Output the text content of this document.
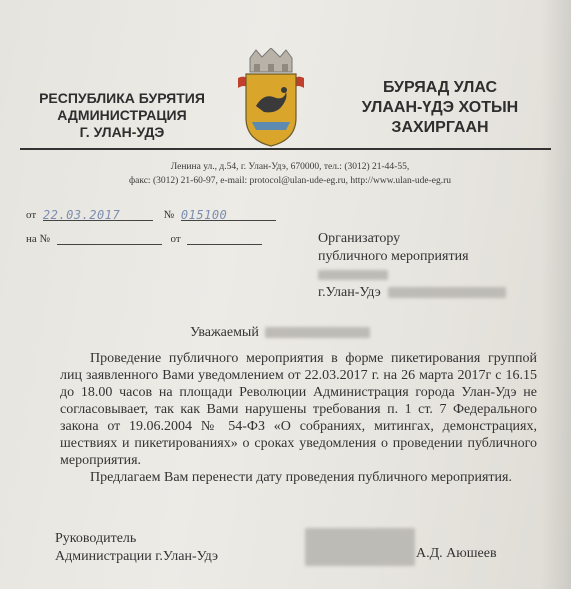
РЕСПУБЛИКА БУРЯТИЯ
АДМИНИСТРАЦИЯ
Г. УЛАН-УДЭ
БУРЯАД УЛАС
УЛААН-ҮДЭ ХОТЫН
ЗАХИРГААН
Ленина ул., д.54, г. Улан-Удэ, 670000, тел.: (3012) 21-44-55,
факс: (3012) 21-60-97, e-mail: protocol@ulan-ude-eg.ru, http://www.ulan-ude-eg.ru
от 22.03.2017	№ 015100
на №	от	Организатору
публичного мероприятия
г.Улан-Удэ
Уважаемый

Проведение публичного мероприятия в форме пикетирования группой лиц заявленного Вами уведомлением от 22.03.2017 г. на 26 марта 2017г с 16.15 до 18.00 часов на площади Революции Администрация города Улан-Удэ не согласовывает, так как Вами нарушены требования п. 1 ст. 7 Федерального закона от 19.06.2004 № 54-ФЗ «О собраниях, митингах, демонстрациях, шествиях и пикетированиях» о сроках уведомления о проведении публичного мероприятия.

Предлагаем Вам перенести дату проведения публичного мероприятия.

Руководитель
Администрации г.Улан-Удэ	А.Д. Аюшеев
